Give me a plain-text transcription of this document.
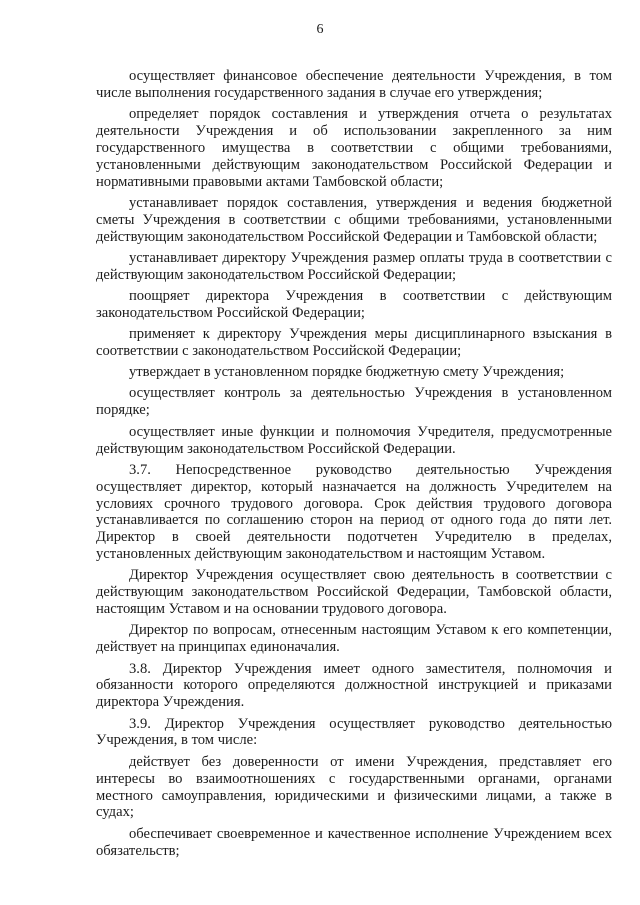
6

осуществляет финансовое обеспечение деятельности Учреждения, в том числе выполнения государственного задания в случае его утверждения;

определяет порядок составления и утверждения отчета о результатах деятельности Учреждения и об использовании закрепленного за ним государственного имущества в соответствии с общими требованиями, установленными действующим законодательством Российской Федерации и нормативными правовыми актами Тамбовской области;

устанавливает порядок составления, утверждения и ведения бюджетной сметы Учреждения в соответствии с общими требованиями, установленными действующим законодательством Российской Федерации и Тамбовской области;

устанавливает директору Учреждения размер оплаты труда в соответствии с действующим законодательством Российской Федерации;

поощряет директора Учреждения в соответствии с действующим законодательством Российской Федерации;

применяет к директору Учреждения меры дисциплинарного взыскания в соответствии с законодательством Российской Федерации;

утверждает в установленном порядке бюджетную смету Учреждения;

осуществляет контроль за деятельностью Учреждения в установленном порядке;

осуществляет иные функции и полномочия Учредителя, предусмотренные действующим законодательством Российской Федерации.

3.7. Непосредственное руководство деятельностью Учреждения осуществляет директор, который назначается на должность Учредителем на условиях срочного трудового договора. Срок действия трудового договора устанавливается по соглашению сторон на период от одного года до пяти лет. Директор в своей деятельности подотчетен Учредителю в пределах, установленных действующим законодательством и настоящим Уставом.

Директор Учреждения осуществляет свою деятельность в соответствии с действующим законодательством Российской Федерации, Тамбовской области, настоящим Уставом и на основании трудового договора.

Директор по вопросам, отнесенным настоящим Уставом к его компетенции, действует на принципах единоначалия.

3.8. Директор Учреждения имеет одного заместителя, полномочия и обязанности которого определяются должностной инструкцией и приказами директора Учреждения.

3.9. Директор Учреждения осуществляет руководство деятельностью Учреждения, в том числе:

действует без доверенности от имени Учреждения, представляет его интересы во взаимоотношениях с государственными органами, органами местного самоуправления, юридическими и физическими лицами, а также в судах;

обеспечивает своевременное и качественное исполнение Учреждением всех обязательств;
